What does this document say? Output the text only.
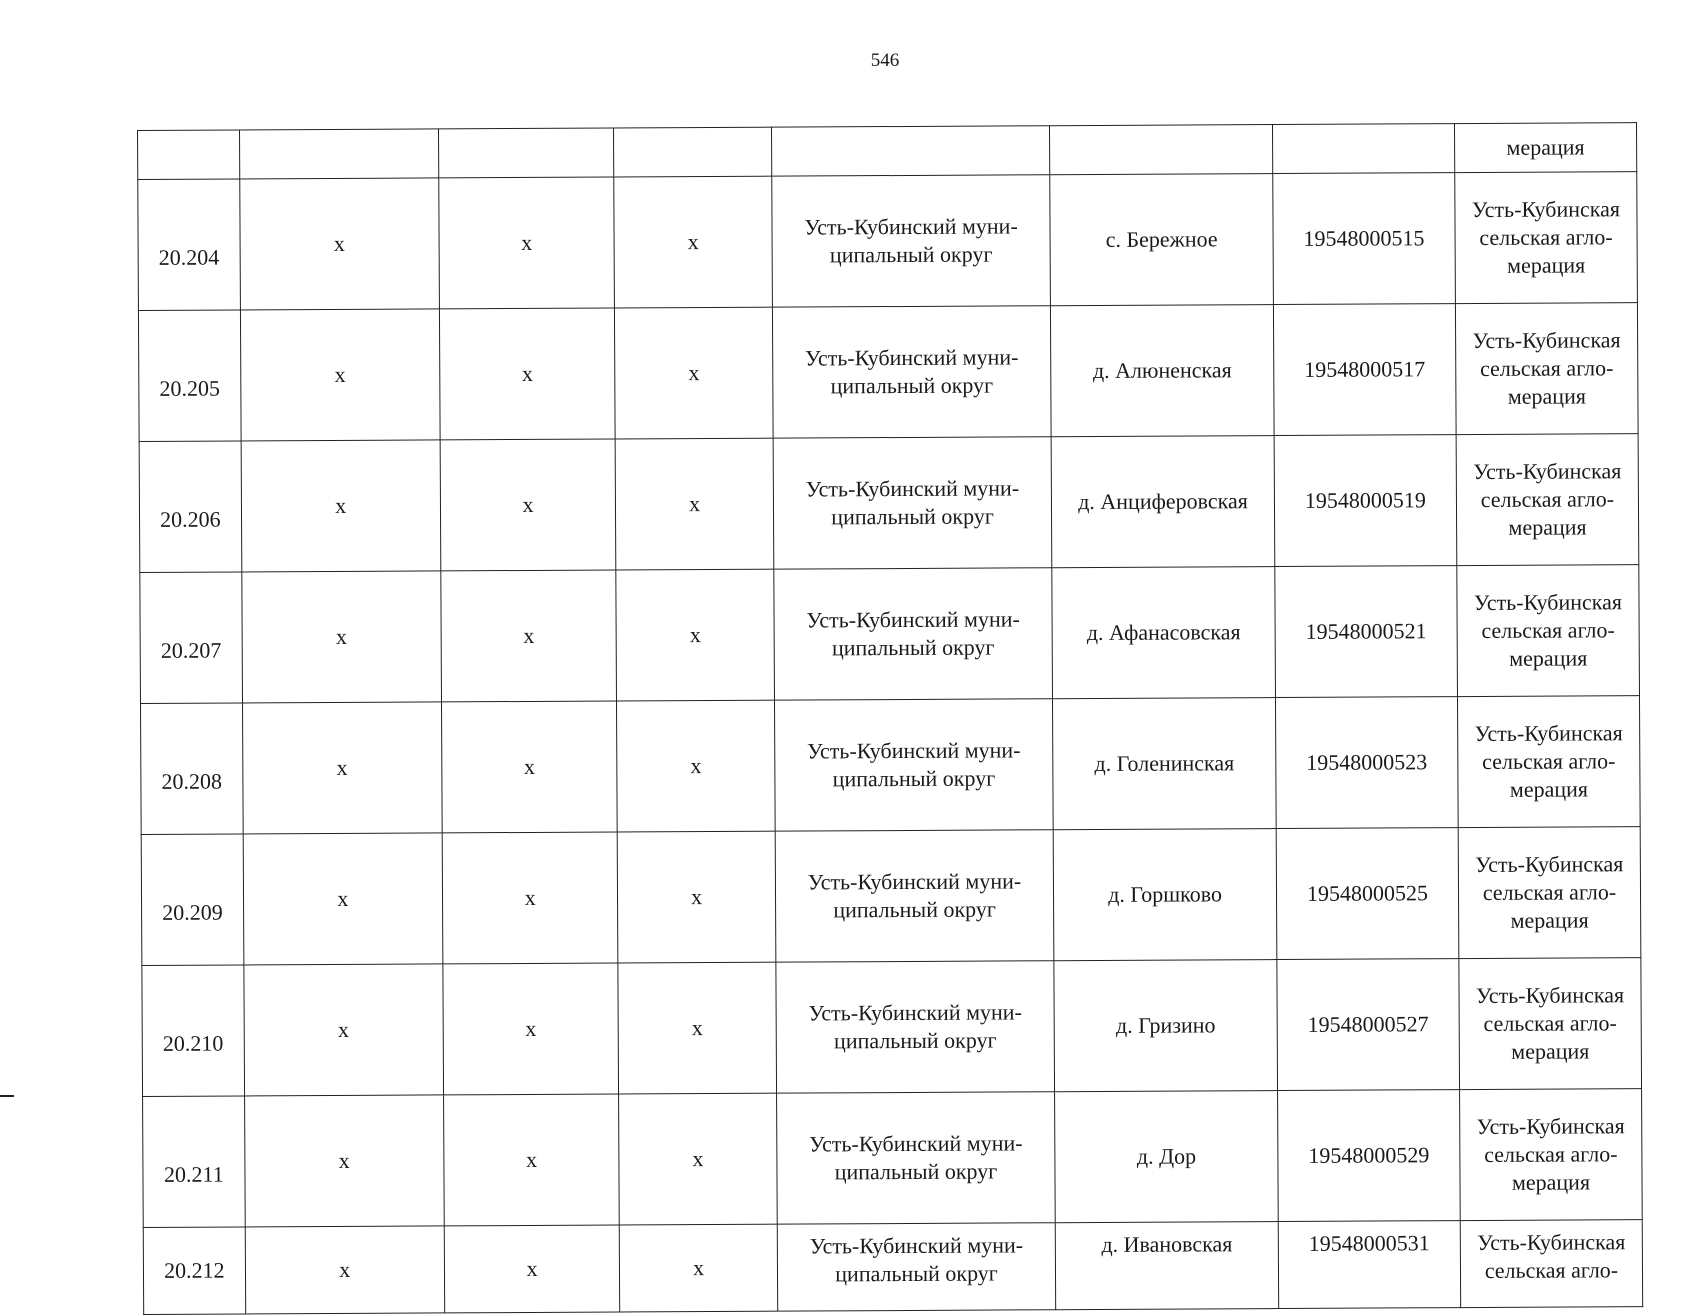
546
							мерация
20.204	x	x	x	Усть-Кубинский муни-ципальный округ	с. Бережное	19548000515	Усть-Кубинская сельская агло-мерация
20.205	x	x	x	Усть-Кубинский муни-ципальный округ	д. Алюненская	19548000517	Усть-Кубинская сельская агло-мерация
20.206	x	x	x	Усть-Кубинский муни-ципальный округ	д. Анциферовская	19548000519	Усть-Кубинская сельская агло-мерация
20.207	x	x	x	Усть-Кубинский муни-ципальный округ	д. Афанасовская	19548000521	Усть-Кубинская сельская агло-мерация
20.208	x	x	x	Усть-Кубинский муни-ципальный округ	д. Голенинская	19548000523	Усть-Кубинская сельская агло-мерация
20.209	x	x	x	Усть-Кубинский муни-ципальный округ	д. Горшково	19548000525	Усть-Кубинская сельская агло-мерация
20.210	x	x	x	Усть-Кубинский муни-ципальный округ	д. Гризино	19548000527	Усть-Кубинская сельская агло-мерация
20.211	x	x	x	Усть-Кубинский муни-ципальный округ	д. Дор	19548000529	Усть-Кубинская сельская агло-мерация
20.212	x	x	x	Усть-Кубинский муни-ципальный округ	д. Ивановская	19548000531	Усть-Кубинская сельская агло-
